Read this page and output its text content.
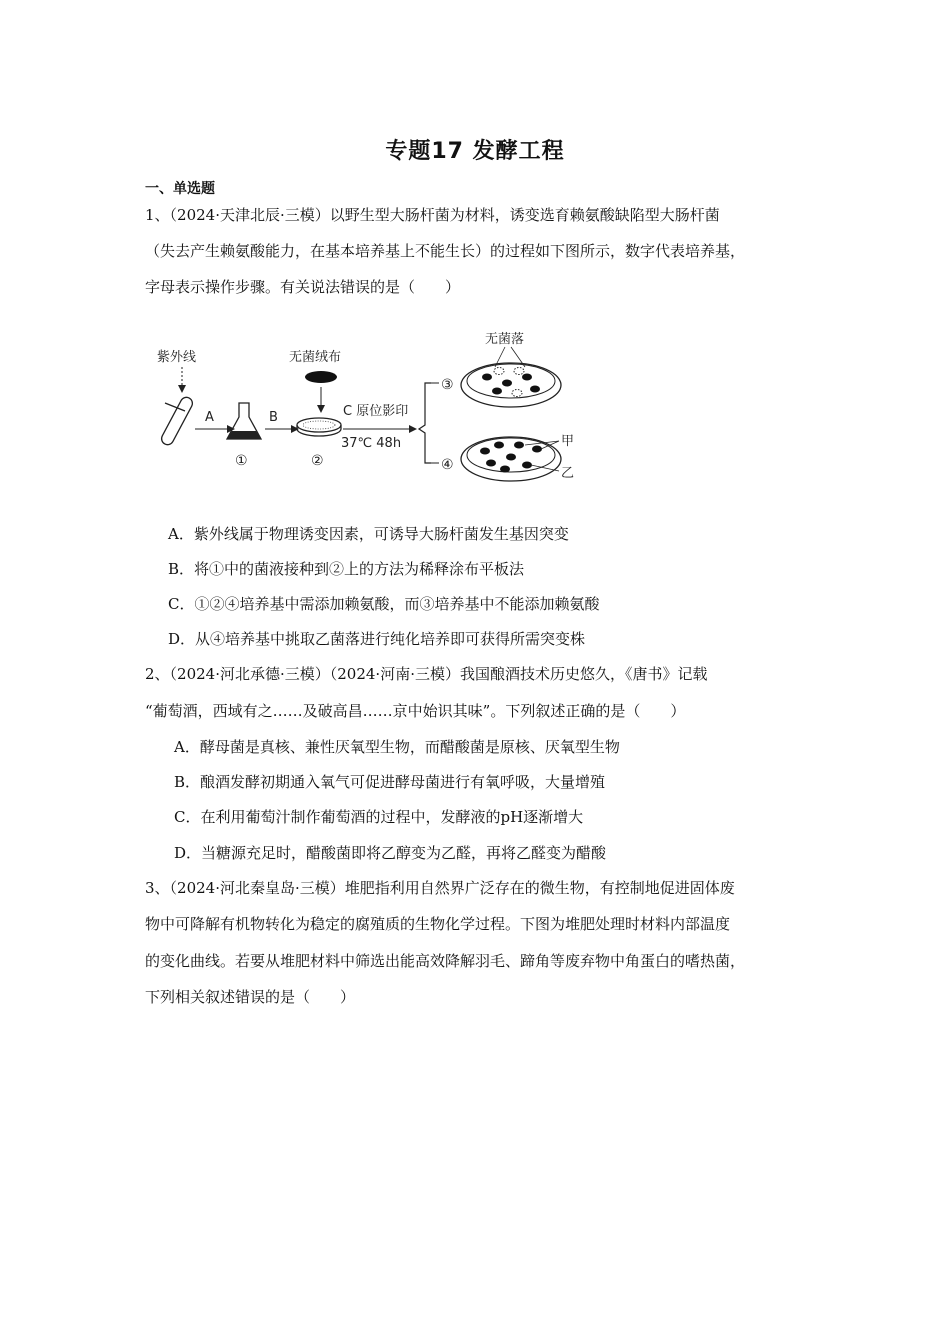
专题17 发酵工程
一、单选题
1、（2024·天津北辰·三模）以野生型大肠杆菌为材料，诱变选育赖氨酸缺陷型大肠杆菌
（失去产生赖氨酸能力，在基本培养基上不能生长）的过程如下图所示，数字代表培养基，
字母表示操作步骤。有关说法错误的是（　　）
紫外线
A
①
B
无菌绒布
②
C 原位影印
37℃ 48h
③
④
无菌落
甲
乙
A．紫外线属于物理诱变因素，可诱导大肠杆菌发生基因突变
B．将①中的菌液接种到②上的方法为稀释涂布平板法
C．①②④培养基中需添加赖氨酸，而③培养基中不能添加赖氨酸
D．从④培养基中挑取乙菌落进行纯化培养即可获得所需突变株
2、（2024·河北承德·三模）（2024·河南·三模）我国酿酒技术历史悠久，《唐书》记载
“葡萄酒，西域有之……及破高昌……京中始识其味”。下列叙述正确的是（　　）
A．酵母菌是真核、兼性厌氧型生物，而醋酸菌是原核、厌氧型生物
B．酿酒发酵初期通入氧气可促进酵母菌进行有氧呼吸，大量增殖
C．在利用葡萄汁制作葡萄酒的过程中，发酵液的pH逐渐增大
D．当糖源充足时，醋酸菌即将乙醇变为乙醛，再将乙醛变为醋酸
3、（2024·河北秦皇岛·三模）堆肥指利用自然界广泛存在的微生物，有控制地促进固体废
物中可降解有机物转化为稳定的腐殖质的生物化学过程。下图为堆肥处理时材料内部温度
的变化曲线。若要从堆肥材料中筛选出能高效降解羽毛、蹄角等废弃物中角蛋白的嗜热菌，
下列相关叙述错误的是（　　）
